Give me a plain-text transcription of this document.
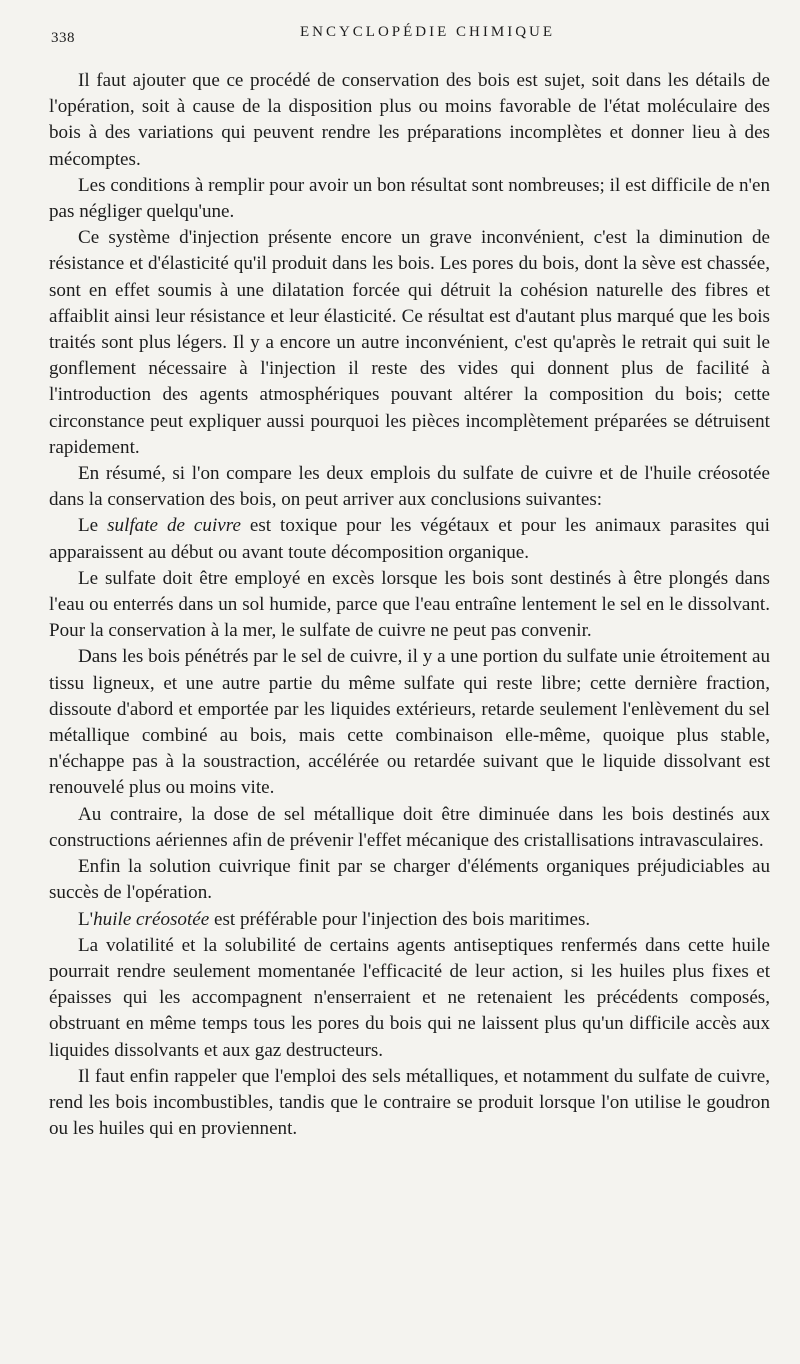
338	ENCYCLOPÉDIE CHIMIQUE

Il faut ajouter que ce procédé de conservation des bois est sujet, soit dans les détails de l'opération, soit à cause de la disposition plus ou moins favorable de l'état moléculaire des bois à des variations qui peuvent rendre les préparations incomplètes et donner lieu à des mécomptes.

Les conditions à remplir pour avoir un bon résultat sont nombreuses; il est difficile de n'en pas négliger quelqu'une.

Ce système d'injection présente encore un grave inconvénient, c'est la diminution de résistance et d'élasticité qu'il produit dans les bois. Les pores du bois, dont la sève est chassée, sont en effet soumis à une dilatation forcée qui détruit la cohésion naturelle des fibres et affaiblit ainsi leur résistance et leur élasticité. Ce résultat est d'autant plus marqué que les bois traités sont plus légers. Il y a encore un autre inconvénient, c'est qu'après le retrait qui suit le gonflement nécessaire à l'injection il reste des vides qui donnent plus de facilité à l'introduction des agents atmosphériques pouvant altérer la composition du bois; cette circonstance peut expliquer aussi pourquoi les pièces incomplètement préparées se détruisent rapidement.

En résumé, si l'on compare les deux emplois du sulfate de cuivre et de l'huile créosotée dans la conservation des bois, on peut arriver aux conclusions suivantes:

Le sulfate de cuivre est toxique pour les végétaux et pour les animaux parasites qui apparaissent au début ou avant toute décomposition organique.

Le sulfate doit être employé en excès lorsque les bois sont destinés à être plongés dans l'eau ou enterrés dans un sol humide, parce que l'eau entraîne lentement le sel en le dissolvant. Pour la conservation à la mer, le sulfate de cuivre ne peut pas convenir.

Dans les bois pénétrés par le sel de cuivre, il y a une portion du sulfate unie étroitement au tissu ligneux, et une autre partie du même sulfate qui reste libre; cette dernière fraction, dissoute d'abord et emportée par les liquides extérieurs, retarde seulement l'enlèvement du sel métallique combiné au bois, mais cette combinaison elle-même, quoique plus stable, n'échappe pas à la soustraction, accélérée ou retardée suivant que le liquide dissolvant est renouvelé plus ou moins vite.

Au contraire, la dose de sel métallique doit être diminuée dans les bois destinés aux constructions aériennes afin de prévenir l'effet mécanique des cristallisations intravasculaires.

Enfin la solution cuivrique finit par se charger d'éléments organiques préjudiciables au succès de l'opération.

L'huile créosotée est préférable pour l'injection des bois maritimes.

La volatilité et la solubilité de certains agents antiseptiques renfermés dans cette huile pourrait rendre seulement momentanée l'efficacité de leur action, si les huiles plus fixes et épaisses qui les accompagnent n'enserraient et ne retenaient les précédents composés, obstruant en même temps tous les pores du bois qui ne laissent plus qu'un difficile accès aux liquides dissolvants et aux gaz destructeurs.

Il faut enfin rappeler que l'emploi des sels métalliques, et notamment du sulfate de cuivre, rend les bois incombustibles, tandis que le contraire se produit lorsque l'on utilise le goudron ou les huiles qui en proviennent.
